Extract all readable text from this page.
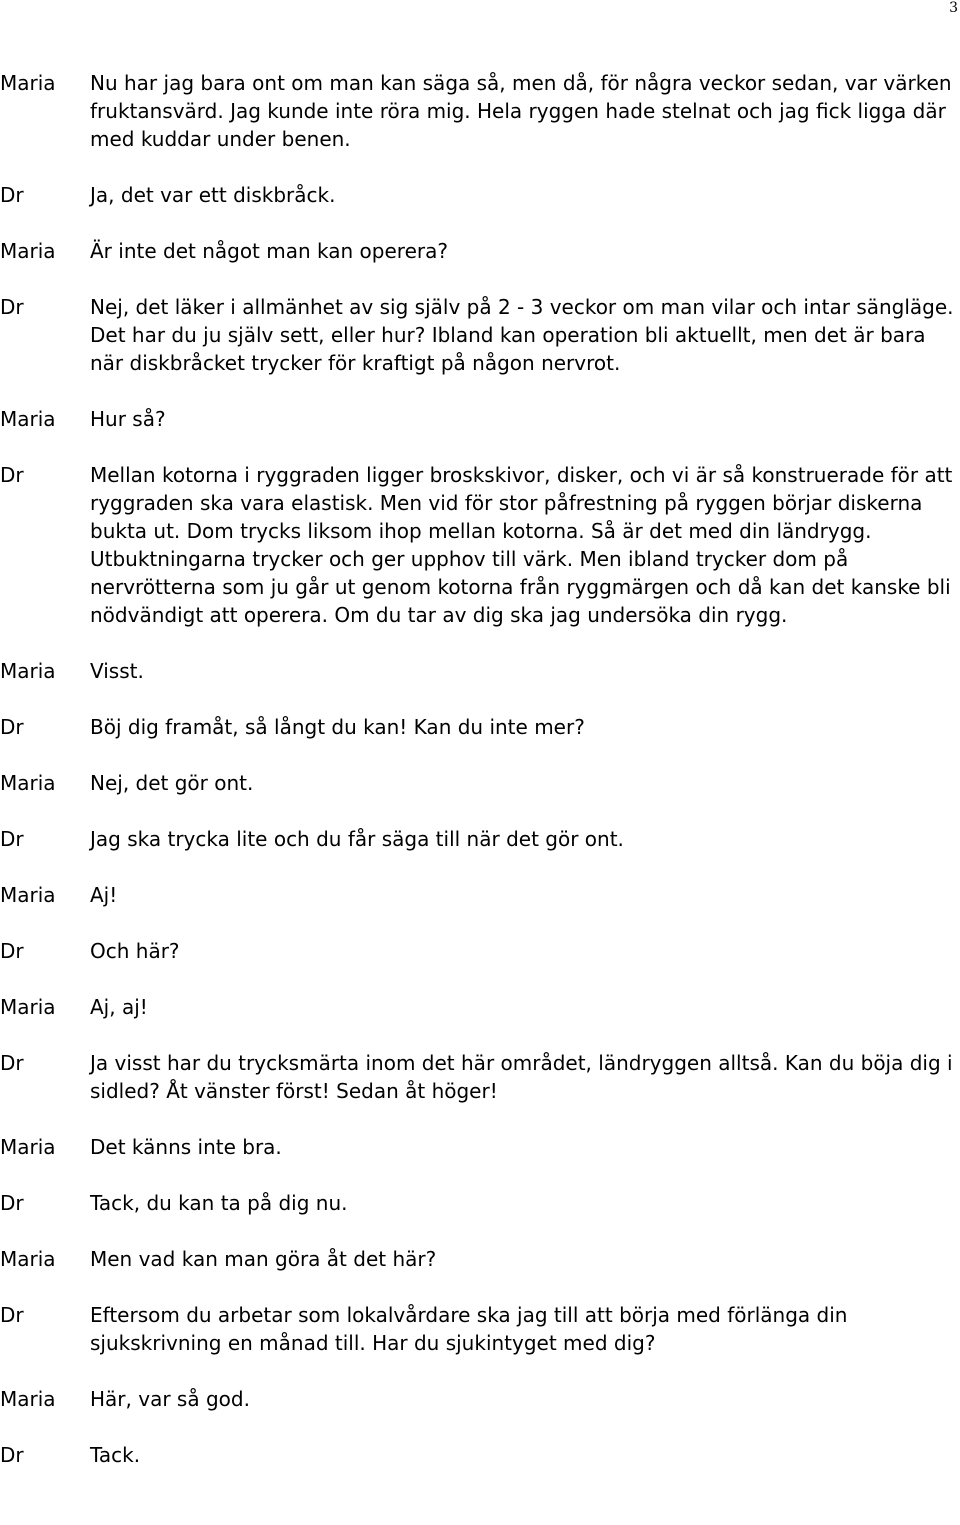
3
Maria	Nu har jag bara ont om man kan säga så, men då, för några veckor sedan, var värken fruktansvärd. Jag kunde inte röra mig. Hela ryggen hade stelnat och jag fick ligga där med kuddar under benen.
Dr	Ja, det var ett diskbråck.
Maria	Är inte det något man kan operera?
Dr	Nej, det läker i allmänhet av sig själv på 2 - 3 veckor om man vilar och intar sängläge. Det har du ju själv sett, eller hur? Ibland kan operation bli aktuellt, men det är bara när diskbråcket trycker för kraftigt på någon nervrot.
Maria	Hur så?
Dr	Mellan kotorna i ryggraden ligger broskskivor, disker, och vi är så konstruerade för att ryggraden ska vara elastisk. Men vid för stor påfrestning på ryggen börjar diskerna bukta ut. Dom trycks liksom ihop mellan kotorna. Så är det med din ländrygg. Utbuktningarna trycker och ger upphov till värk. Men ibland trycker dom på nervrötterna som ju går ut genom kotorna från ryggmärgen och då kan det kanske bli nödvändigt att operera. Om du tar av dig ska jag undersöka din rygg.
Maria	Visst.
Dr	Böj dig framåt, så långt du kan! Kan du inte mer?
Maria	Nej, det gör ont.
Dr	Jag ska trycka lite och du får säga till när det gör ont.
Maria	Aj!
Dr	Och här?
Maria	Aj, aj!
Dr	Ja visst har du trycksmärta inom det här området, ländryggen alltså. Kan du böja dig i sidled? Åt vänster först! Sedan åt höger!
Maria	Det känns inte bra.
Dr	Tack, du kan ta på dig nu.
Maria	Men vad kan man göra åt det här?
Dr	Eftersom du arbetar som lokalvårdare ska jag till att börja med förlänga din sjukskrivning en månad till. Har du sjukintyget med dig?
Maria	Här, var så god.
Dr	Tack.
